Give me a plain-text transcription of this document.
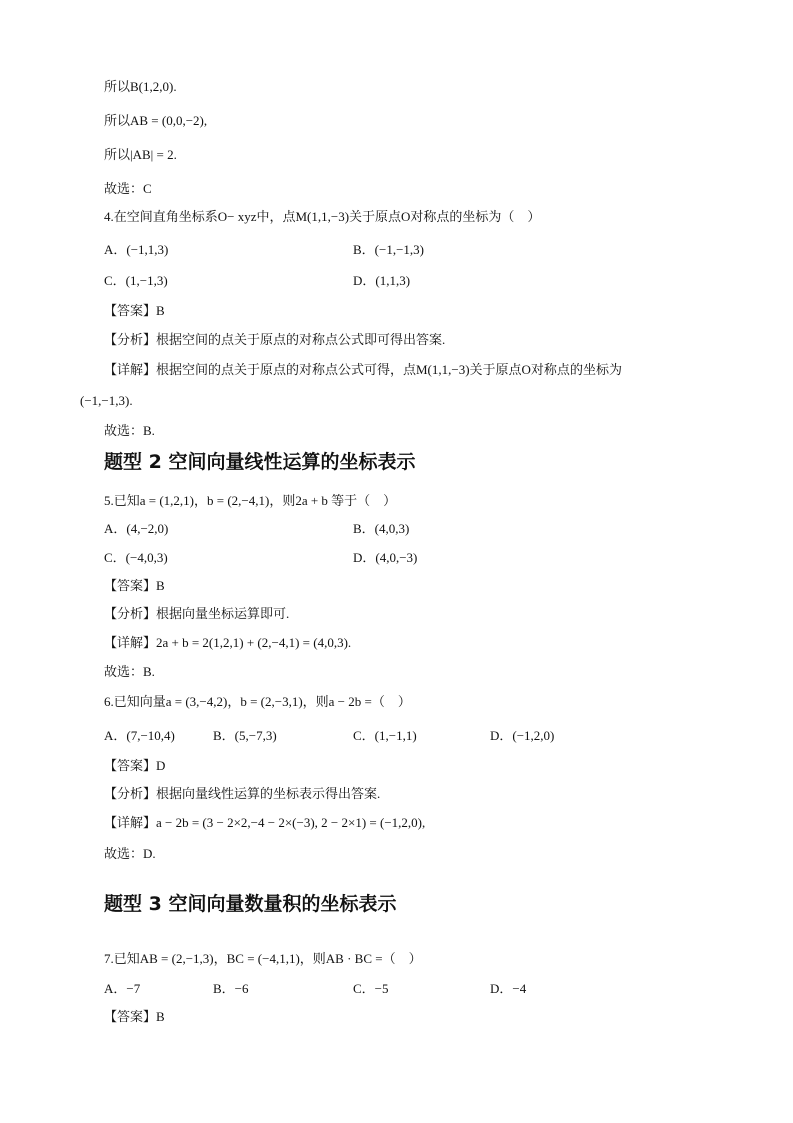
所以B(1,2,0).
所以AB = (0,0,−2),
所以|AB| = 2.
故选：C
4.在空间直角坐标系O− xyz中，点M(1,1,−3)关于原点O对称点的坐标为（　）
A．(−1,1,3)	B．(−1,−1,3)
C．(1,−1,3)	D．(1,1,3)
【答案】B
【分析】根据空间的点关于原点的对称点公式即可得出答案.
【详解】根据空间的点关于原点的对称点公式可得，点M(1,1,−3)关于原点O对称点的坐标为
(−1,−1,3).
故选：B.
题型 2 空间向量线性运算的坐标表示
5.已知a = (1,2,1)，b = (2,−4,1)，则2a + b 等于（　）
A．(4,−2,0)	B．(4,0,3)
C．(−4,0,3)	D．(4,0,−3)
【答案】B
【分析】根据向量坐标运算即可.
【详解】2a + b = 2(1,2,1) + (2,−4,1) = (4,0,3).
故选：B.
6.已知向量a = (3,−4,2)，b = (2,−3,1)，则a − 2b =（　）
A．(7,−10,4)	B．(5,−7,3)	C．(1,−1,1)	D．(−1,2,0)
【答案】D
【分析】根据向量线性运算的坐标表示得出答案.
【详解】a − 2b = (3 − 2×2,−4 − 2×(−3), 2 − 2×1) = (−1,2,0),
故选：D.
题型 3 空间向量数量积的坐标表示
7.已知AB = (2,−1,3)，BC = (−4,1,1)，则AB · BC =（　）
A．−7	B．−6	C．−5	D．−4
【答案】B
